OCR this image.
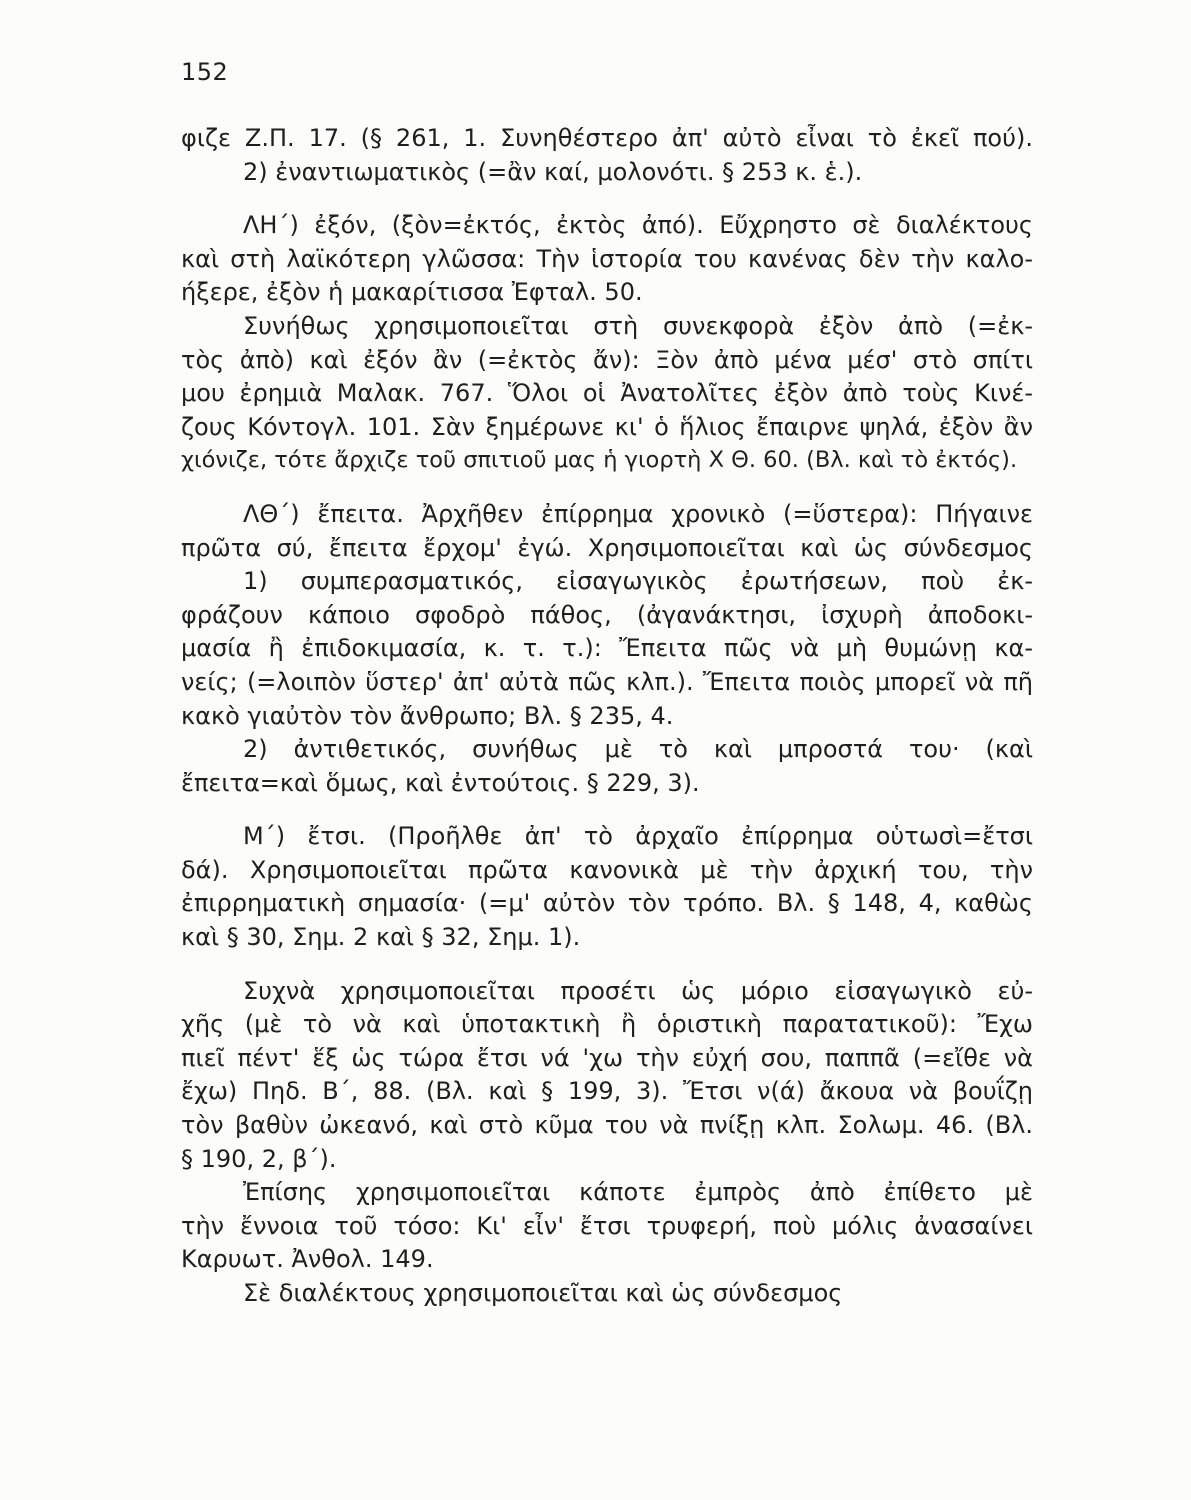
152
φιζε Ζ.Π. 17. (§ 261, 1. Συνηθέστερο ἀπ' αὐτὸ εἶναι τὸ ἐκεῖ πού).
2) ἐναντιωματικὸς (=ἂν καί, μολονότι. § 253 κ. ἑ.).
ΛΗ΄) ἐξόν, (ξὸν=ἐκτός, ἐκτὸς ἀπό). Εὔχρηστο σὲ διαλέκτους
καὶ στὴ λαϊκότερη γλῶσσα: Τὴν ἱστορία του κανένας δὲν τὴν καλο-
ήξερε, ἐξὸν ἡ μακαρίτισσα Ἐφταλ. 50.
Συνήθως χρησιμοποιεῖται στὴ συνεκφορὰ ἐξὸν ἀπὸ (=ἐκ-
τὸς ἀπὸ) καὶ ἐξόν ἂν (=ἐκτὸς ἄν): Ξὸν ἀπὸ μένα μέσ' στὸ σπίτι
μου ἐρημιὰ Μαλακ. 767. Ὅλοι οἱ Ἀνατολῖτες ἐξὸν ἀπὸ τοὺς Κινέ-
ζους Κόντογλ. 101. Σὰν ξημέρωνε κι' ὁ ἥλιος ἔπαιρνε ψηλά, ἐξὸν ἂν
χιόνιζε, τότε ἄρχιζε τοῦ σπιτιοῦ μας ἡ γιορτὴ Χ Θ. 60. (Βλ. καὶ τὸ ἐκτός).
ΛΘ΄) ἔπειτα. Ἀρχῆθεν ἐπίρρημα χρονικὸ (=ὕστερα): Πήγαινε
πρῶτα σύ, ἔπειτα ἔρχομ' ἐγώ. Χρησιμοποιεῖται καὶ ὡς σύνδεσμος
1) συμπερασματικός, εἰσαγωγικὸς ἐρωτήσεων, ποὺ ἐκ-
φράζουν κάποιο σφοδρὸ πάθος, (ἀγανάκτησι, ἰσχυρὴ ἀποδοκι-
μασία ἢ ἐπιδοκιμασία, κ. τ. τ.): Ἔπειτα πῶς νὰ μὴ θυμώνῃ κα-
νείς; (=λοιπὸν ὕστερ' ἀπ' αὐτὰ πῶς κλπ.). Ἔπειτα ποιὸς μπορεῖ νὰ πῆ
κακὸ γιαὐτὸν τὸν ἄνθρωπο; Βλ. § 235, 4.
2) ἀντιθετικός, συνήθως μὲ τὸ καὶ μπροστά του· (καὶ
ἔπειτα=καὶ ὅμως, καὶ ἐντούτοις. § 229, 3).
Μ΄) ἔτσι. (Προῆλθε ἀπ' τὸ ἀρχαῖο ἐπίρρημα οὑτωσὶ=ἔτσι
δά). Χρησιμοποιεῖται πρῶτα κανονικὰ μὲ τὴν ἀρχική του, τὴν
ἐπιρρηματικὴ σημασία· (=μ' αὐτὸν τὸν τρόπο. Βλ. § 148, 4, καθὼς
καὶ § 30, Σημ. 2 καὶ § 32, Σημ. 1).
Συχνὰ χρησιμοποιεῖται προσέτι ὡς μόριο εἰσαγωγικὸ εὐ-
χῆς (μὲ τὸ νὰ καὶ ὑποτακτικὴ ἢ ὁριστικὴ παρατατικοῦ): Ἔχω
πιεῖ πέντ' ἕξ ὡς τώρα ἔτσι νά 'χω τὴν εὐχή σου, παππᾶ (=εἴθε νὰ
ἔχω) Πηδ. Β΄, 88. (Βλ. καὶ § 199, 3). Ἔτσι ν(ά) ἄκουα νὰ βουΐζῃ
τὸν βαθὺν ὠκεανό, καὶ στὸ κῦμα του νὰ πνίξῃ κλπ. Σολωμ. 46. (Βλ.
§ 190, 2, β΄).
Ἐπίσης χρησιμοποιεῖται κάποτε ἐμπρὸς ἀπὸ ἐπίθετο μὲ
τὴν ἔννοια τοῦ τόσο: Κι' εἶν' ἔτσι τρυφερή, ποὺ μόλις ἀνασαίνει
Καρυωτ. Ἀνθολ. 149.
Σὲ διαλέκτους χρησιμοποιεῖται καὶ ὡς σύνδεσμος
